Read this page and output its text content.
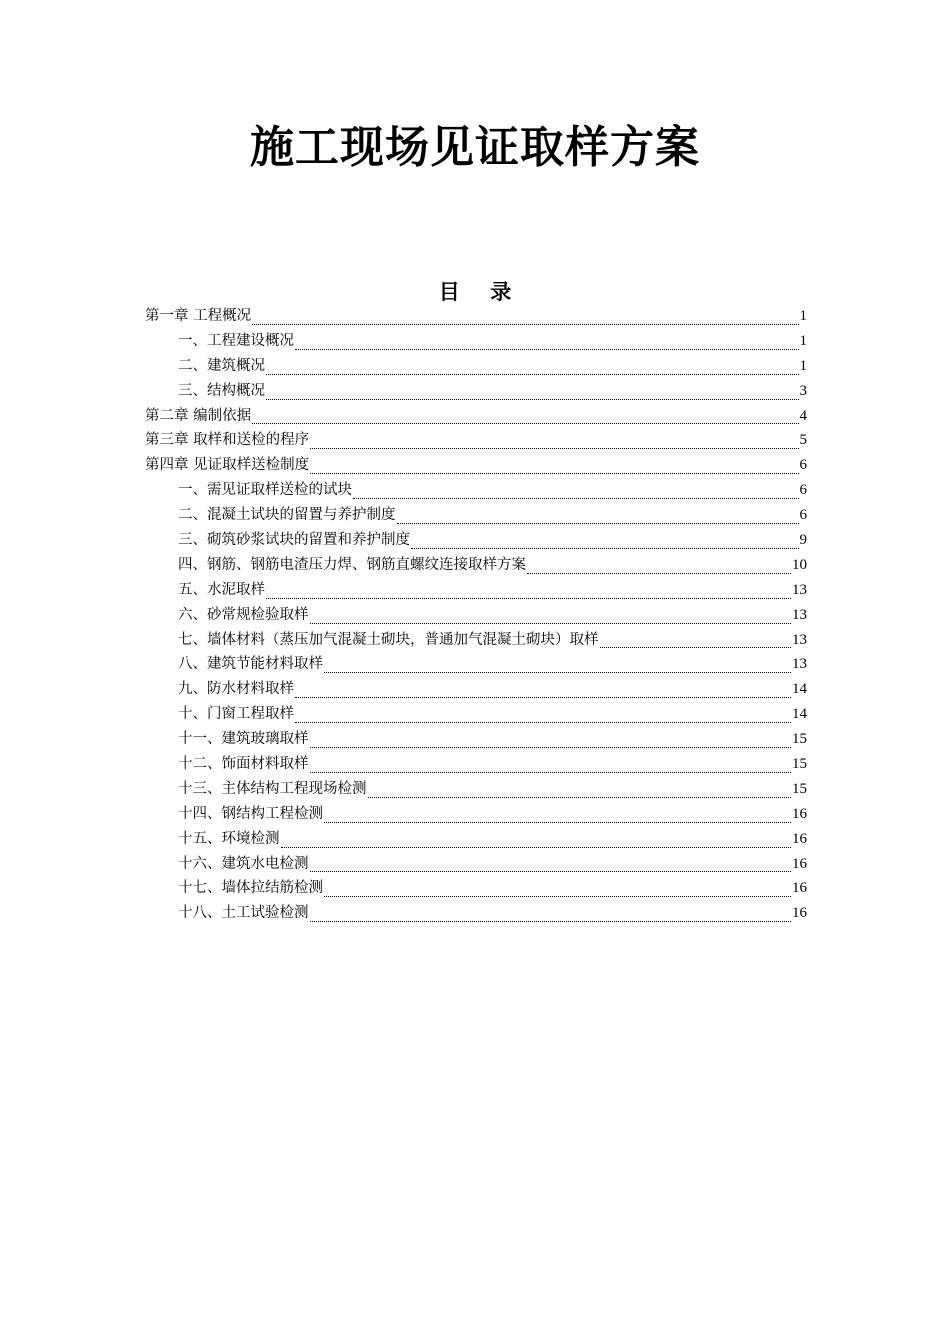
施工现场见证取样方案
目  录
第一章 工程概况	1
一、工程建设概况	1
二、建筑概况	1
三、结构概况	3
第二章 编制依据	4
第三章 取样和送检的程序	5
第四章 见证取样送检制度	6
一、需见证取样送检的试块	6
二、混凝土试块的留置与养护制度	6
三、砌筑砂浆试块的留置和养护制度	9
四、钢筋、钢筋电渣压力焊、钢筋直螺纹连接取样方案	10
五、水泥取样	13
六、砂常规检验取样	13
七、墙体材料（蒸压加气混凝土砌块，普通加气混凝土砌块）取样	13
八、建筑节能材料取样	13
九、防水材料取样	14
十、门窗工程取样	14
十一、建筑玻璃取样	15
十二、饰面材料取样	15
十三、主体结构工程现场检测	15
十四、钢结构工程检测	16
十五、环境检测	16
十六、建筑水电检测	16
十七、墙体拉结筋检测	16
十八、土工试验检测	16
